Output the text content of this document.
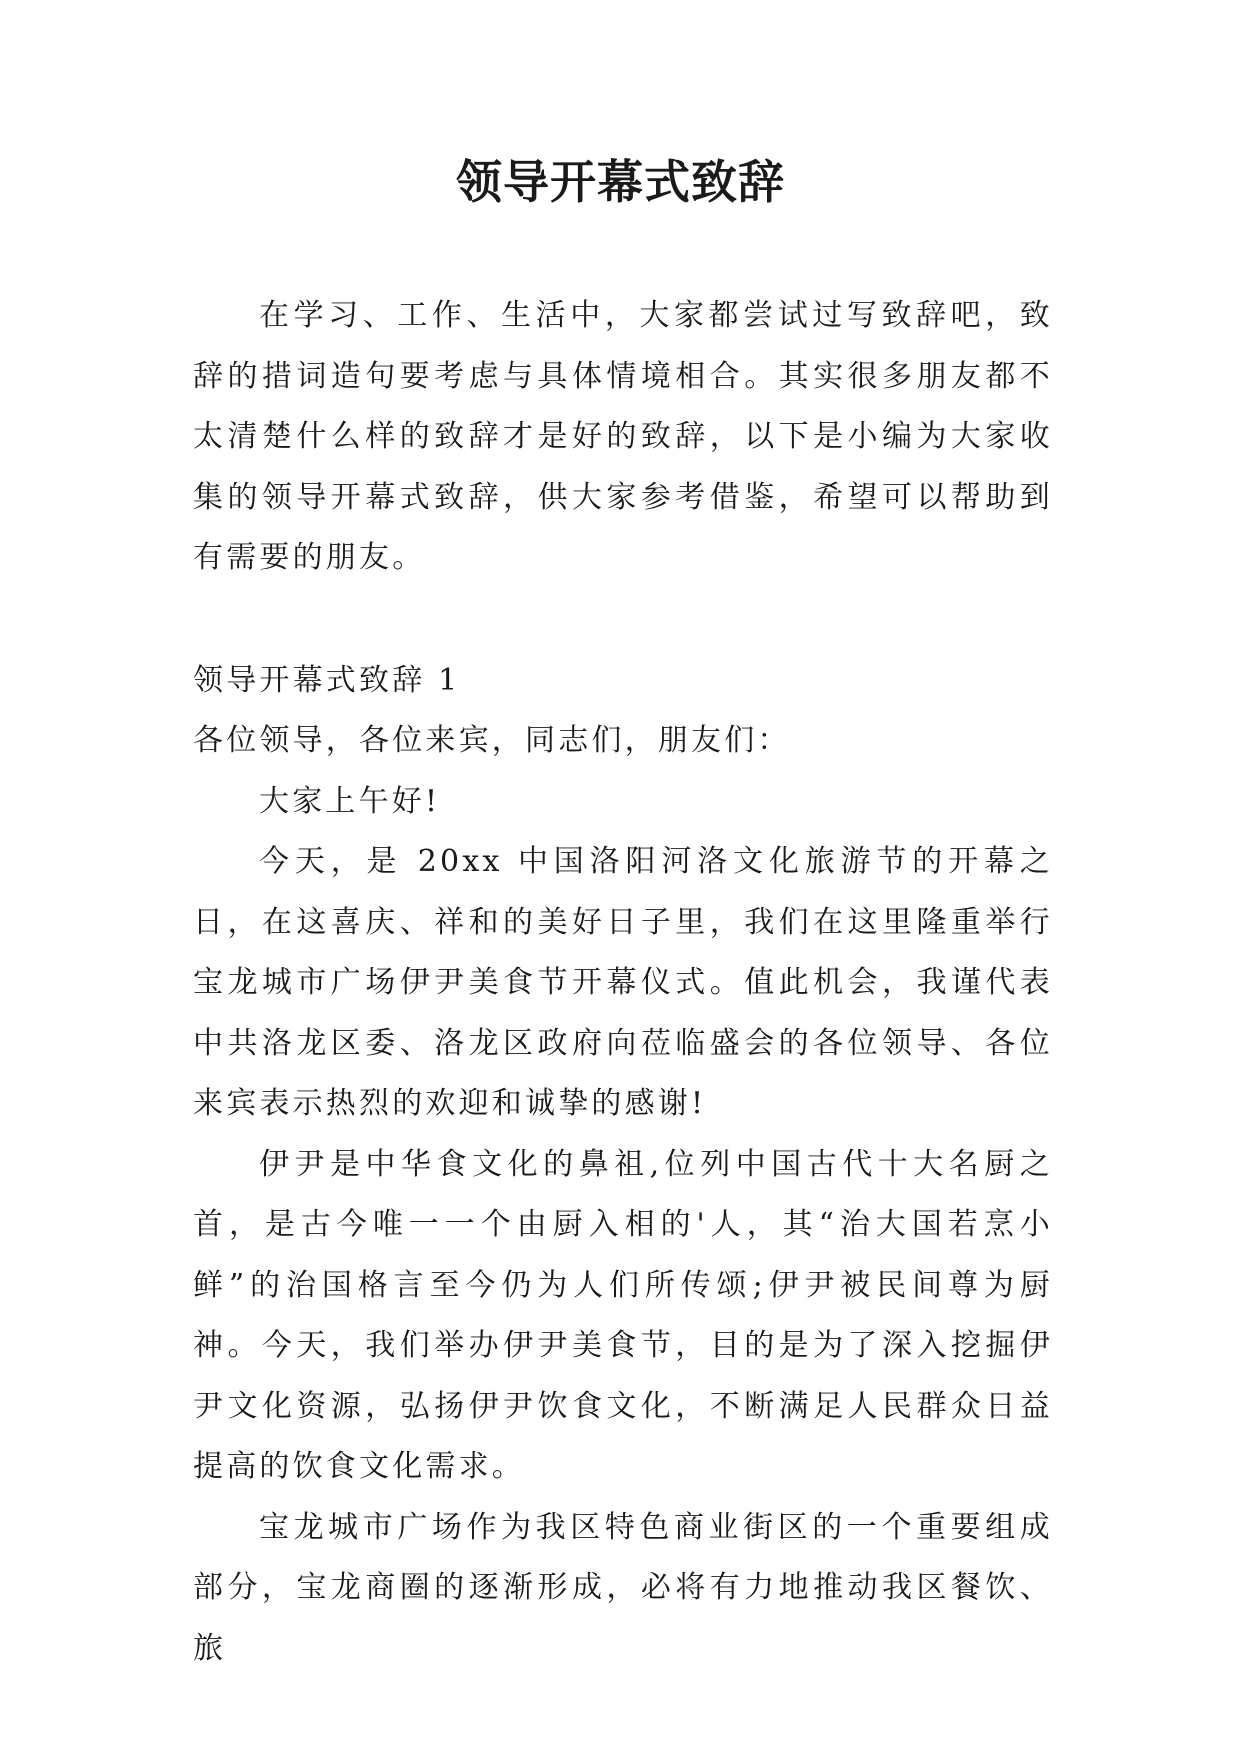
领导开幕式致辞

在学习、工作、生活中，大家都尝试过写致辞吧，致辞的措词造句要考虑与具体情境相合。其实很多朋友都不太清楚什么样的致辞才是好的致辞，以下是小编为大家收集的领导开幕式致辞，供大家参考借鉴，希望可以帮助到有需要的朋友。

领导开幕式致辞 1

各位领导，各位来宾，同志们，朋友们：

大家上午好!

今天，是 20xx 中国洛阳河洛文化旅游节的开幕之日，在这喜庆、祥和的美好日子里，我们在这里隆重举行宝龙城市广场伊尹美食节开幕仪式。值此机会，我谨代表中共洛龙区委、洛龙区政府向莅临盛会的各位领导、各位来宾表示热烈的欢迎和诚挚的感谢!

伊尹是中华食文化的鼻祖,位列中国古代十大名厨之首，是古今唯一一个由厨入相的'人，其“治大国若烹小鲜”的治国格言至今仍为人们所传颂;伊尹被民间尊为厨神。今天，我们举办伊尹美食节，目的是为了深入挖掘伊尹文化资源，弘扬伊尹饮食文化，不断满足人民群众日益提高的饮食文化需求。

宝龙城市广场作为我区特色商业街区的一个重要组成部分，宝龙商圈的逐渐形成，必将有力地推动我区餐饮、旅
